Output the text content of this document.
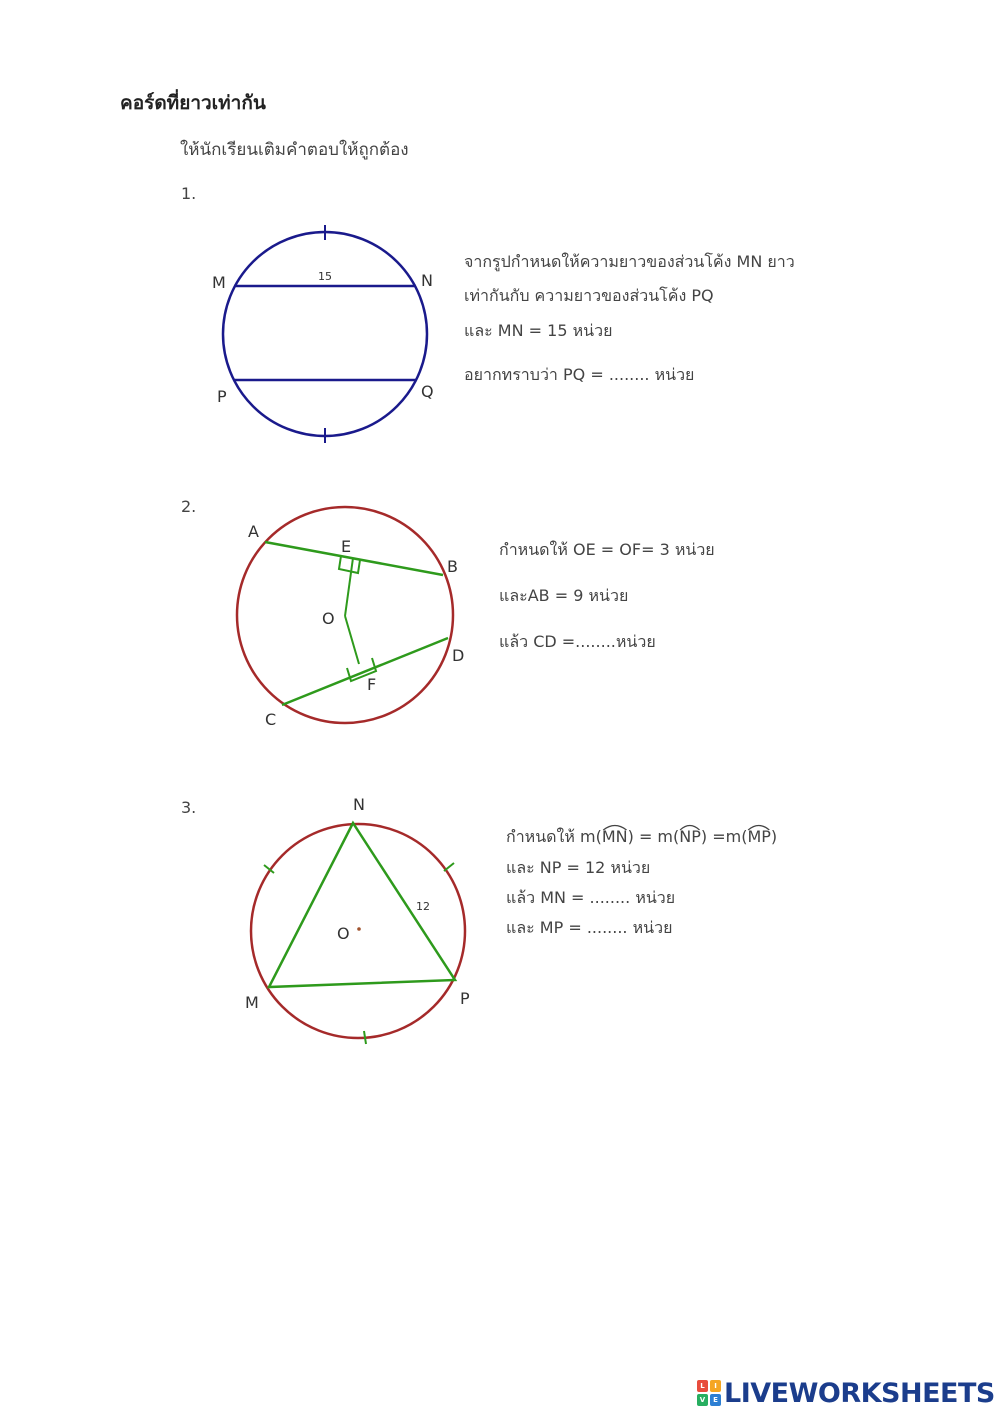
คอร์ดที่ยาวเท่ากัน
ให้นักเรียนเติมคำตอบให้ถูกต้อง
1.
M	N
P	Q
15
จากรูปกำหนดให้ความยาวของส่วนโค้ง MN ยาว
เท่ากันกับ ความยาวของส่วนโค้ง PQ
และ MN = 15 หน่วย
อยากทราบว่า PQ = ........ หน่วย
2.
A
B
C
D
E
F
O
กำหนดให้ OE = OF= 3 หน่วย
และAB = 9 หน่วย
แล้ว CD =........หน่วย
3.	N
M	P
O
12
กำหนดให้ m(
MN) = m(
NP) =m(
MP)
และ NP = 12 หน่วย
แล้ว MN = ........ หน่วย
และ MP = ........ หน่วย
L	I
V	E LIVEWORKSHEETS
